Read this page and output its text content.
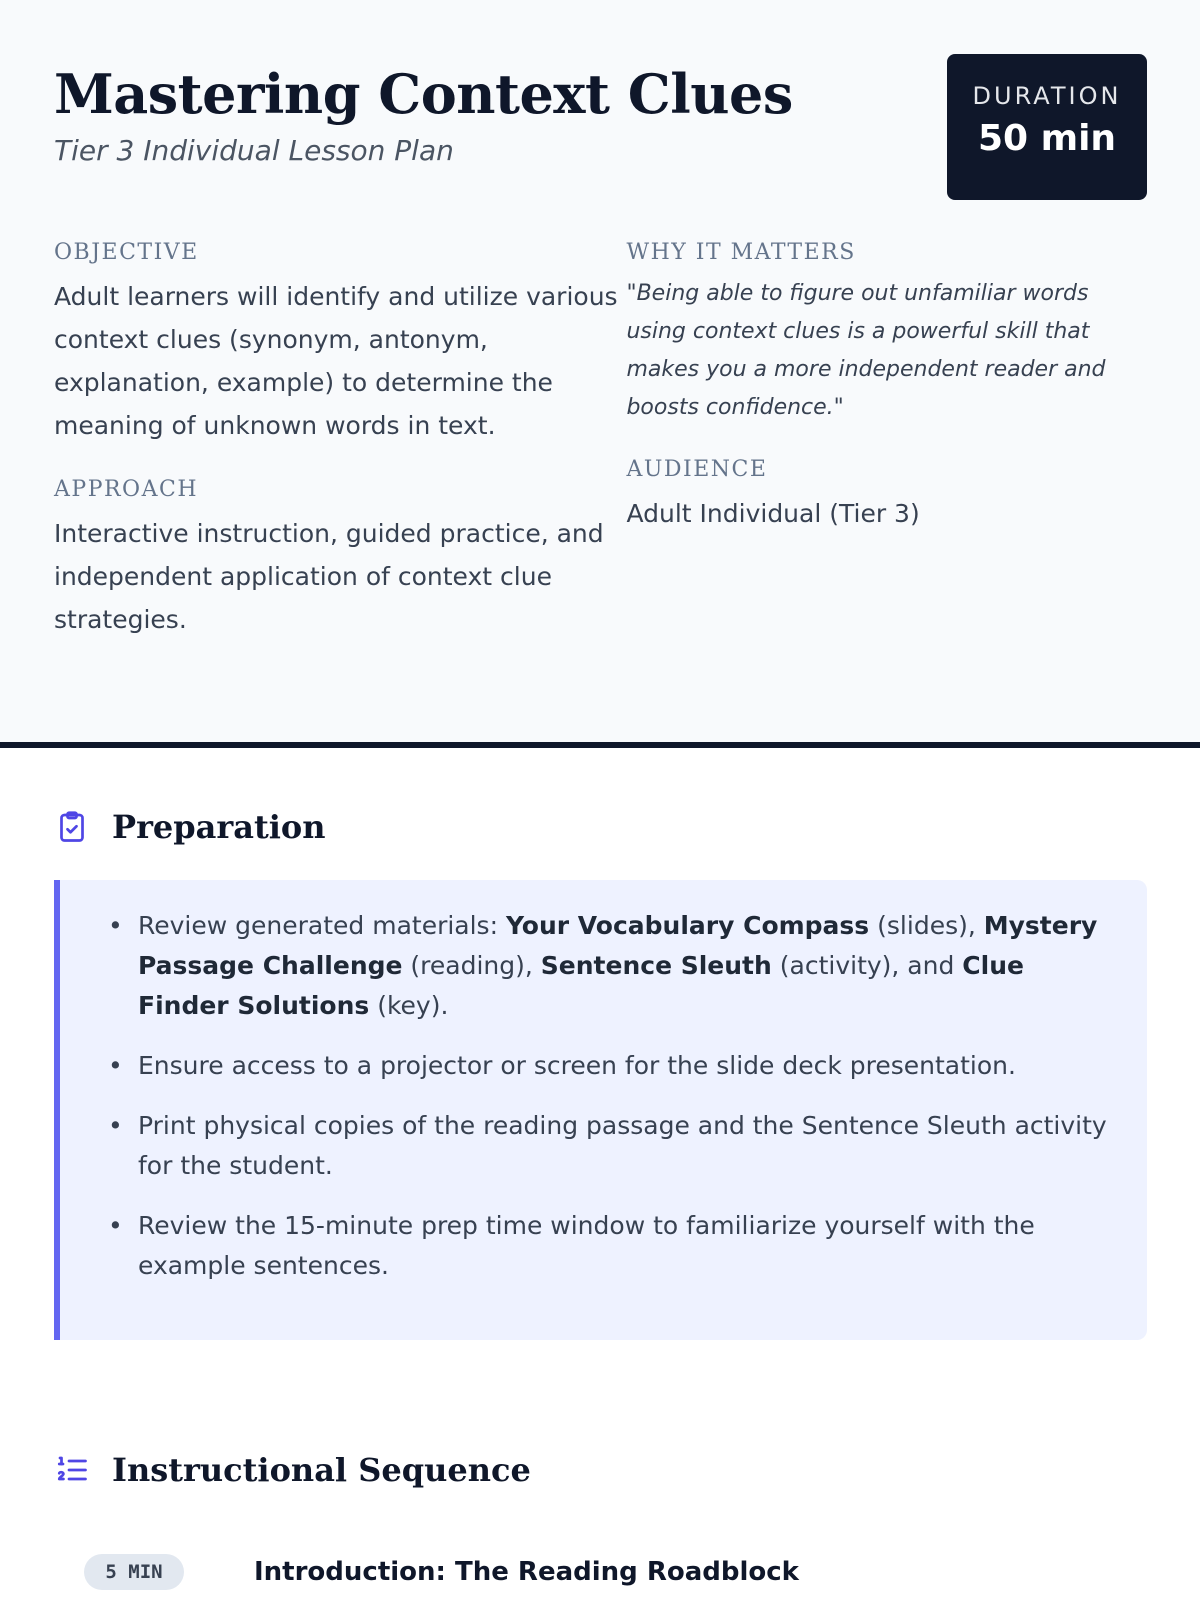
Mastering Context Clues
Tier 3 Individual Lesson Plan
DURATION
50 min
OBJECTIVE
Adult learners will identify and utilize various context clues (synonym, antonym, explanation, example) to determine the meaning of unknown words in text.
APPROACH
Interactive instruction, guided practice, and independent application of context clue strategies.
WHY IT MATTERS
"Being able to figure out unfamiliar words using context clues is a powerful skill that makes you a more independent reader and boosts confidence."
AUDIENCE
Adult Individual (Tier 3)
Preparation
• Review generated materials: Your Vocabulary Compass (slides), Mystery Passage Challenge (reading), Sentence Sleuth (activity), and Clue Finder Solutions (key).
• Ensure access to a projector or screen for the slide deck presentation.
• Print physical copies of the reading passage and the Sentence Sleuth activity for the student.
• Review the 15-minute prep time window to familiarize yourself with the example sentences.
Instructional Sequence
5 MIN	Introduction: The Reading Roadblock
